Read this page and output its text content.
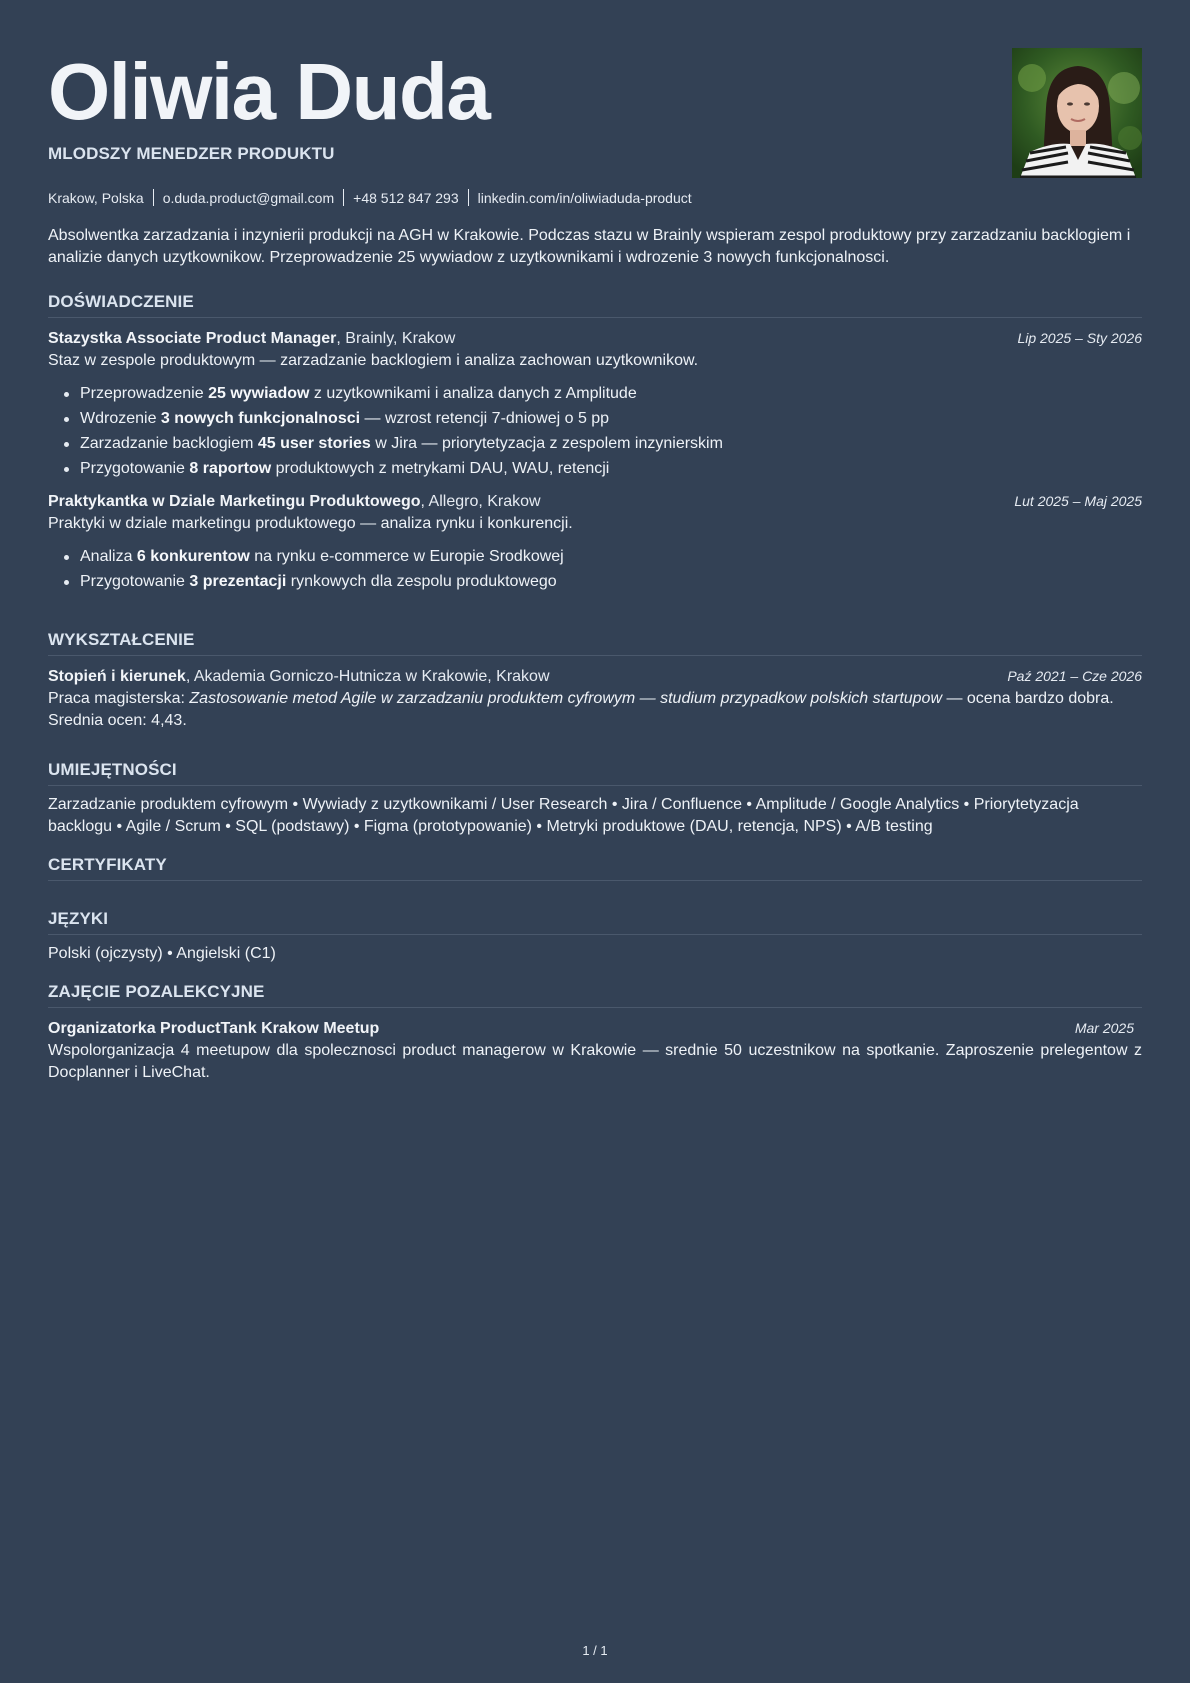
Oliwia Duda
MLODSZY MENEDZER PRODUKTU
Krakow, Polska o.duda.product@gmail.com +48 512 847 293 linkedin.com/in/oliwiaduda-product

Absolwentka zarzadzania i inzynierii produkcji na AGH w Krakowie. Podczas stazu w Brainly wspieram zespol produktowy przy zarzadzaniu backlogiem i analizie danych uzytkownikow. Przeprowadzenie 25 wywiadow z uzytkownikami i wdrozenie 3 nowych funkcjonalnosci.

DOŚWIADCZENIE
Stazystka Associate Product Manager, Brainly, Krakow	Lip 2025 – Sty 2026
Staz w zespole produktowym — zarzadzanie backlogiem i analiza zachowan uzytkownikow.
Przeprowadzenie 25 wywiadow z uzytkownikami i analiza danych z Amplitude
Wdrozenie 3 nowych funkcjonalnosci — wzrost retencji 7-dniowej o 5 pp
Zarzadzanie backlogiem 45 user stories w Jira — priorytetyzacja z zespolem inzynierskim
Przygotowanie 8 raportow produktowych z metrykami DAU, WAU, retencji
Praktykantka w Dziale Marketingu Produktowego, Allegro, Krakow	Lut 2025 – Maj 2025
Praktyki w dziale marketingu produktowego — analiza rynku i konkurencji.
Analiza 6 konkurentow na rynku e-commerce w Europie Srodkowej
Przygotowanie 3 prezentacji rynkowych dla zespolu produktowego
WYKSZTAŁCENIE
Stopień i kierunek, Akademia Gorniczo-Hutnicza w Krakowie, Krakow	Paź 2021 – Cze 2026
Praca magisterska: Zastosowanie metod Agile w zarzadzaniu produktem cyfrowym — studium przypadkow polskich startupow — ocena bardzo dobra. Srednia ocen: 4,43.
UMIEJĘTNOŚCI
Zarzadzanie produktem cyfrowym • Wywiady z uzytkownikami / User Research • Jira / Confluence • Amplitude / Google Analytics • Priorytetyzacja backlogu • Agile / Scrum • SQL (podstawy) • Figma (prototypowanie) • Metryki produktowe (DAU, retencja, NPS) • A/B testing
CERTYFIKATY
JĘZYKI
Polski (ojczysty) • Angielski (C1)
ZAJĘCIE POZALEKCYJNE
Organizatorka ProductTank Krakow Meetup	Mar 2025
Wspolorganizacja 4 meetupow dla spolecznosci product managerow w Krakowie — srednie 50 uczestnikow na spotkanie. Zaproszenie prelegentow z Docplanner i LiveChat.
1 / 1
